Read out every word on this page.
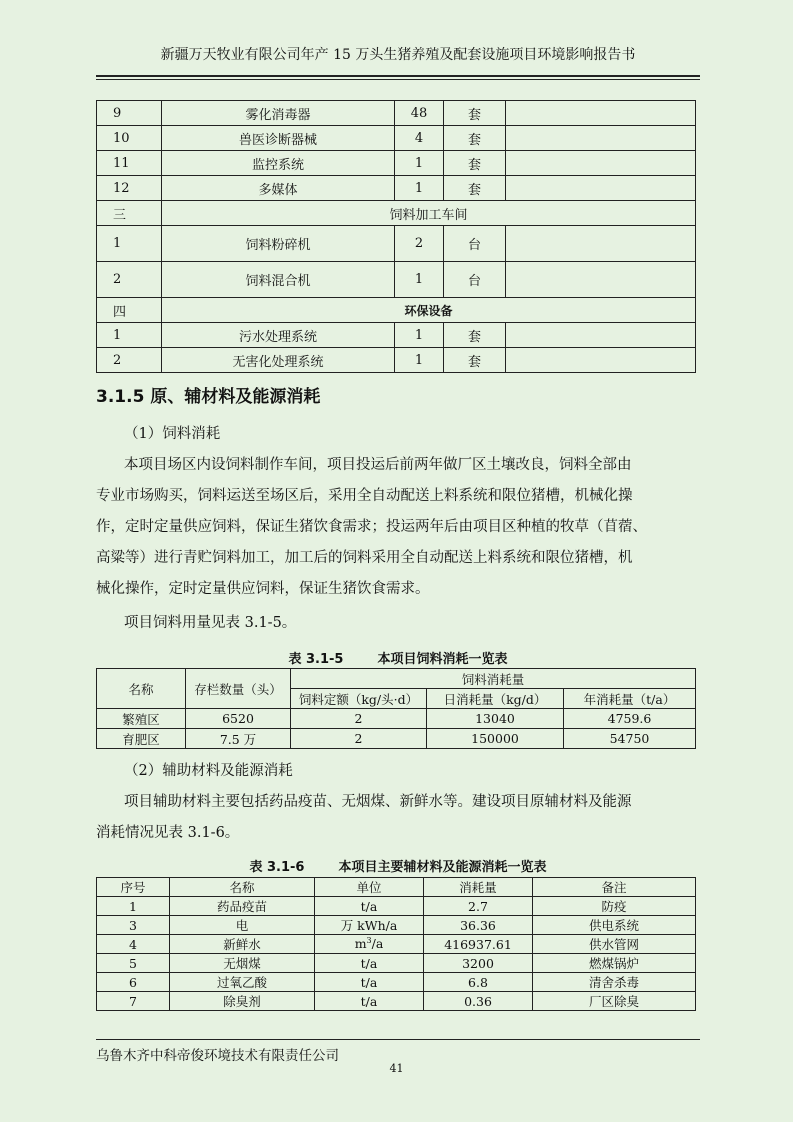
新疆万天牧业有限公司年产 15 万头生猪养殖及配套设施项目环境影响报告书
9	雾化消毒器	48	套	
10	兽医诊断器械	4	套	
11	监控系统	1	套	
12	多媒体	1	套	
三	饲料加工车间			
1	饲料粉碎机	2	台	
2	饲料混合机	1	台	
四	环保设备			
1	污水处理系统	1	套	
2	无害化处理系统	1	套	
3.1.5 原、辅材料及能源消耗

（1）饲料消耗

本项目场区内设饲料制作车间，项目投运后前两年做厂区土壤改良，饲料全部由
专业市场购买，饲料运送至场区后，采用全自动配送上料系统和限位猪槽，机械化操
作，定时定量供应饲料，保证生猪饮食需求；投运两年后由项目区种植的牧草（苜蓿、
高粱等）进行青贮饲料加工，加工后的饲料采用全自动配送上料系统和限位猪槽，机
械化操作，定时定量供应饲料，保证生猪饮食需求。

项目饲料用量见表 3.1-5。

表 3.1-5	本项目饲料消耗一览表
名称	存栏数量（头）	饲料消耗量		
		饲料定额（kg/头·d）	日消耗量（kg/d）	年消耗量（t/a）
繁殖区	6520	2	13040	4759.6
育肥区	7.5 万	2	150000	54750

（2）辅助材料及能源消耗

项目辅助材料主要包括药品疫苗、无烟煤、新鲜水等。建设项目原辅材料及能源
消耗情况见表 3.1-6。
表 3.1-6	本项目主要辅材料及能源消耗一览表
序号	名称	单位	消耗量	备注
1	药品疫苗	t/a	2.7	防疫
3	电	万 kWh/a	36.36	供电系统
4	新鲜水	$m^3/a$	416937.61	供水管网
5	无烟煤	t/a	3200	燃煤锅炉
6	过氧乙酸	t/a	6.8	清舍杀毒
7	除臭剂	t/a	0.36	厂区除臭
乌鲁木齐中科帝俊环境技术有限责任公司
41
